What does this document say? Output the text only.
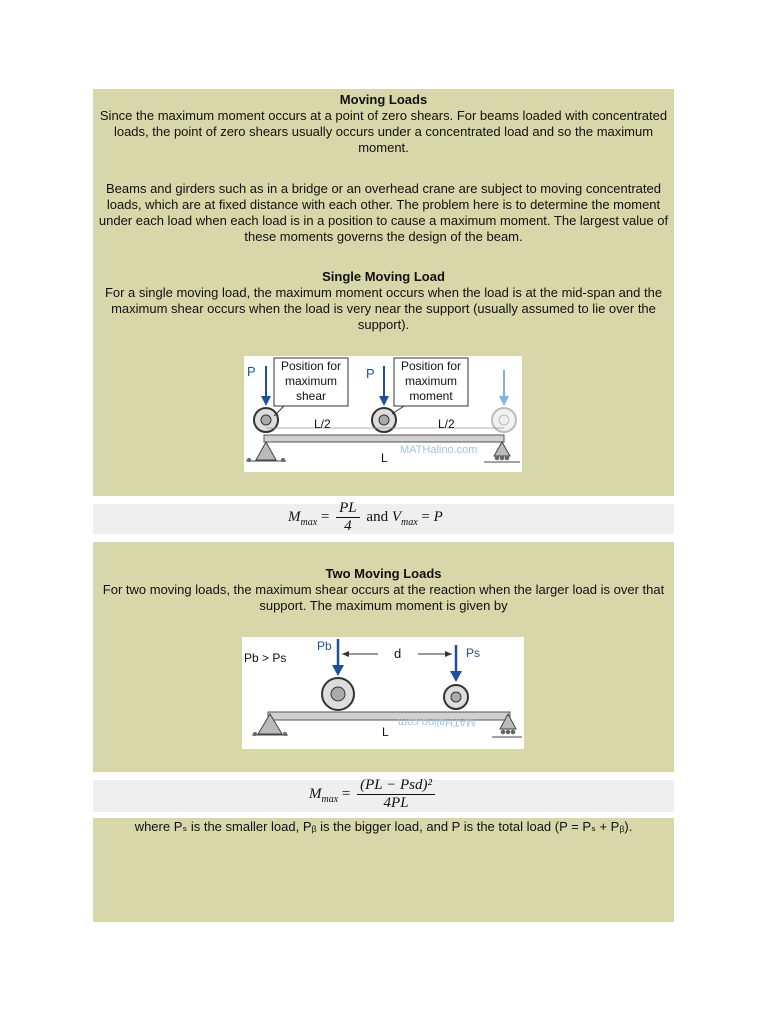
Moving Loads

Since the maximum moment occurs at a point of zero shears. For beams loaded with concentrated loads, the point of zero shears usually occurs under a concentrated load and so the maximum moment.

Beams and girders such as in a bridge or an overhead crane are subject to moving concentrated loads, which are at fixed distance with each other. The problem here is to determine the moment under each load when each load is in a position to cause a maximum moment. The largest value of these moments governs the design of the beam.

Single Moving Load

For a single moving load, the maximum moment occurs when the load is at the mid-span and the maximum shear occurs when the load is very near the support (usually assumed to lie over the support).

P	P
Position for
maximum
shear
Position for
maximum
moment
L/2	L/2
L
MATHalino.com
$M_{max} = \frac{PL}{4}$ and $V_{max} = P$

Two Moving Loads

For two moving loads, the maximum shear occurs at the reaction when the larger load is over that support. The maximum moment is given by

Pb > Ps
Pb	d	Ps
L
MATHalino.com
$M_{max} = \frac{\text{(PL − Psd)²}}{4PL}$

where Pₛ is the smaller load, Pᵦ is the bigger load, and P is the total load (P = Pₛ + Pᵦ).
